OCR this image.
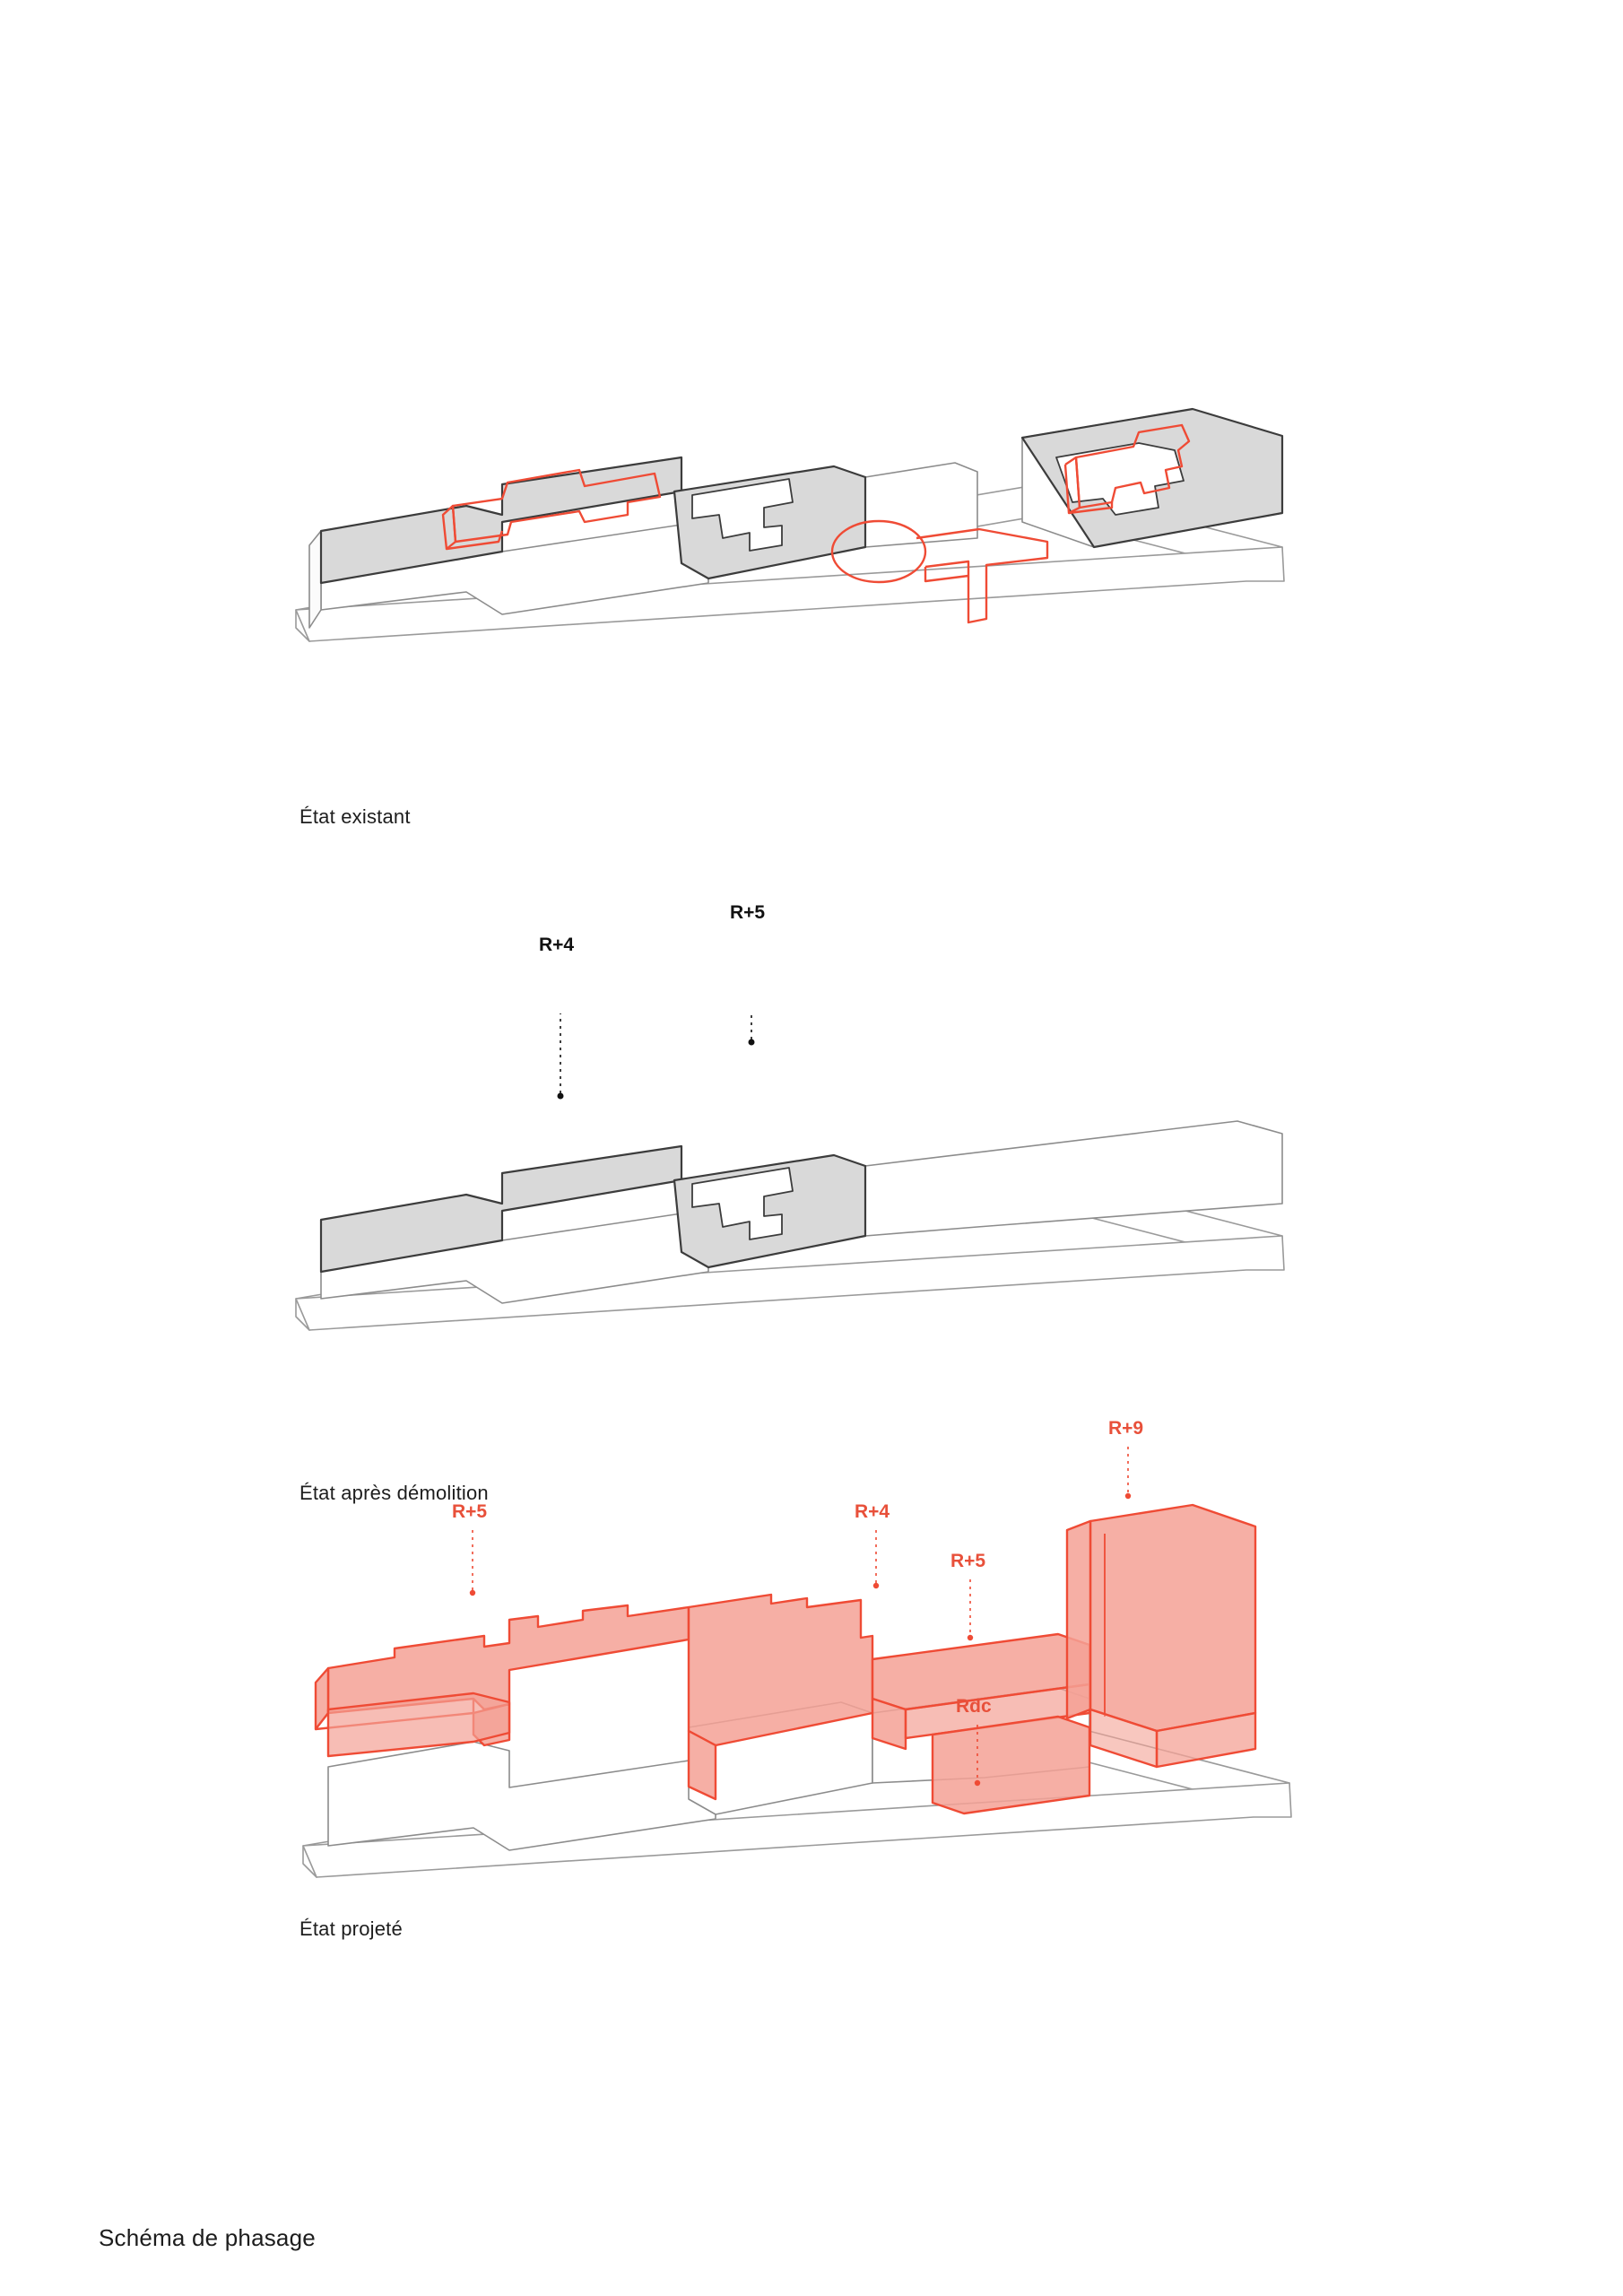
État existant
R+4
R+5
État après démolition
R+5	R+4
R+5
R+9
Rdc
État projeté
Schéma de phasage
